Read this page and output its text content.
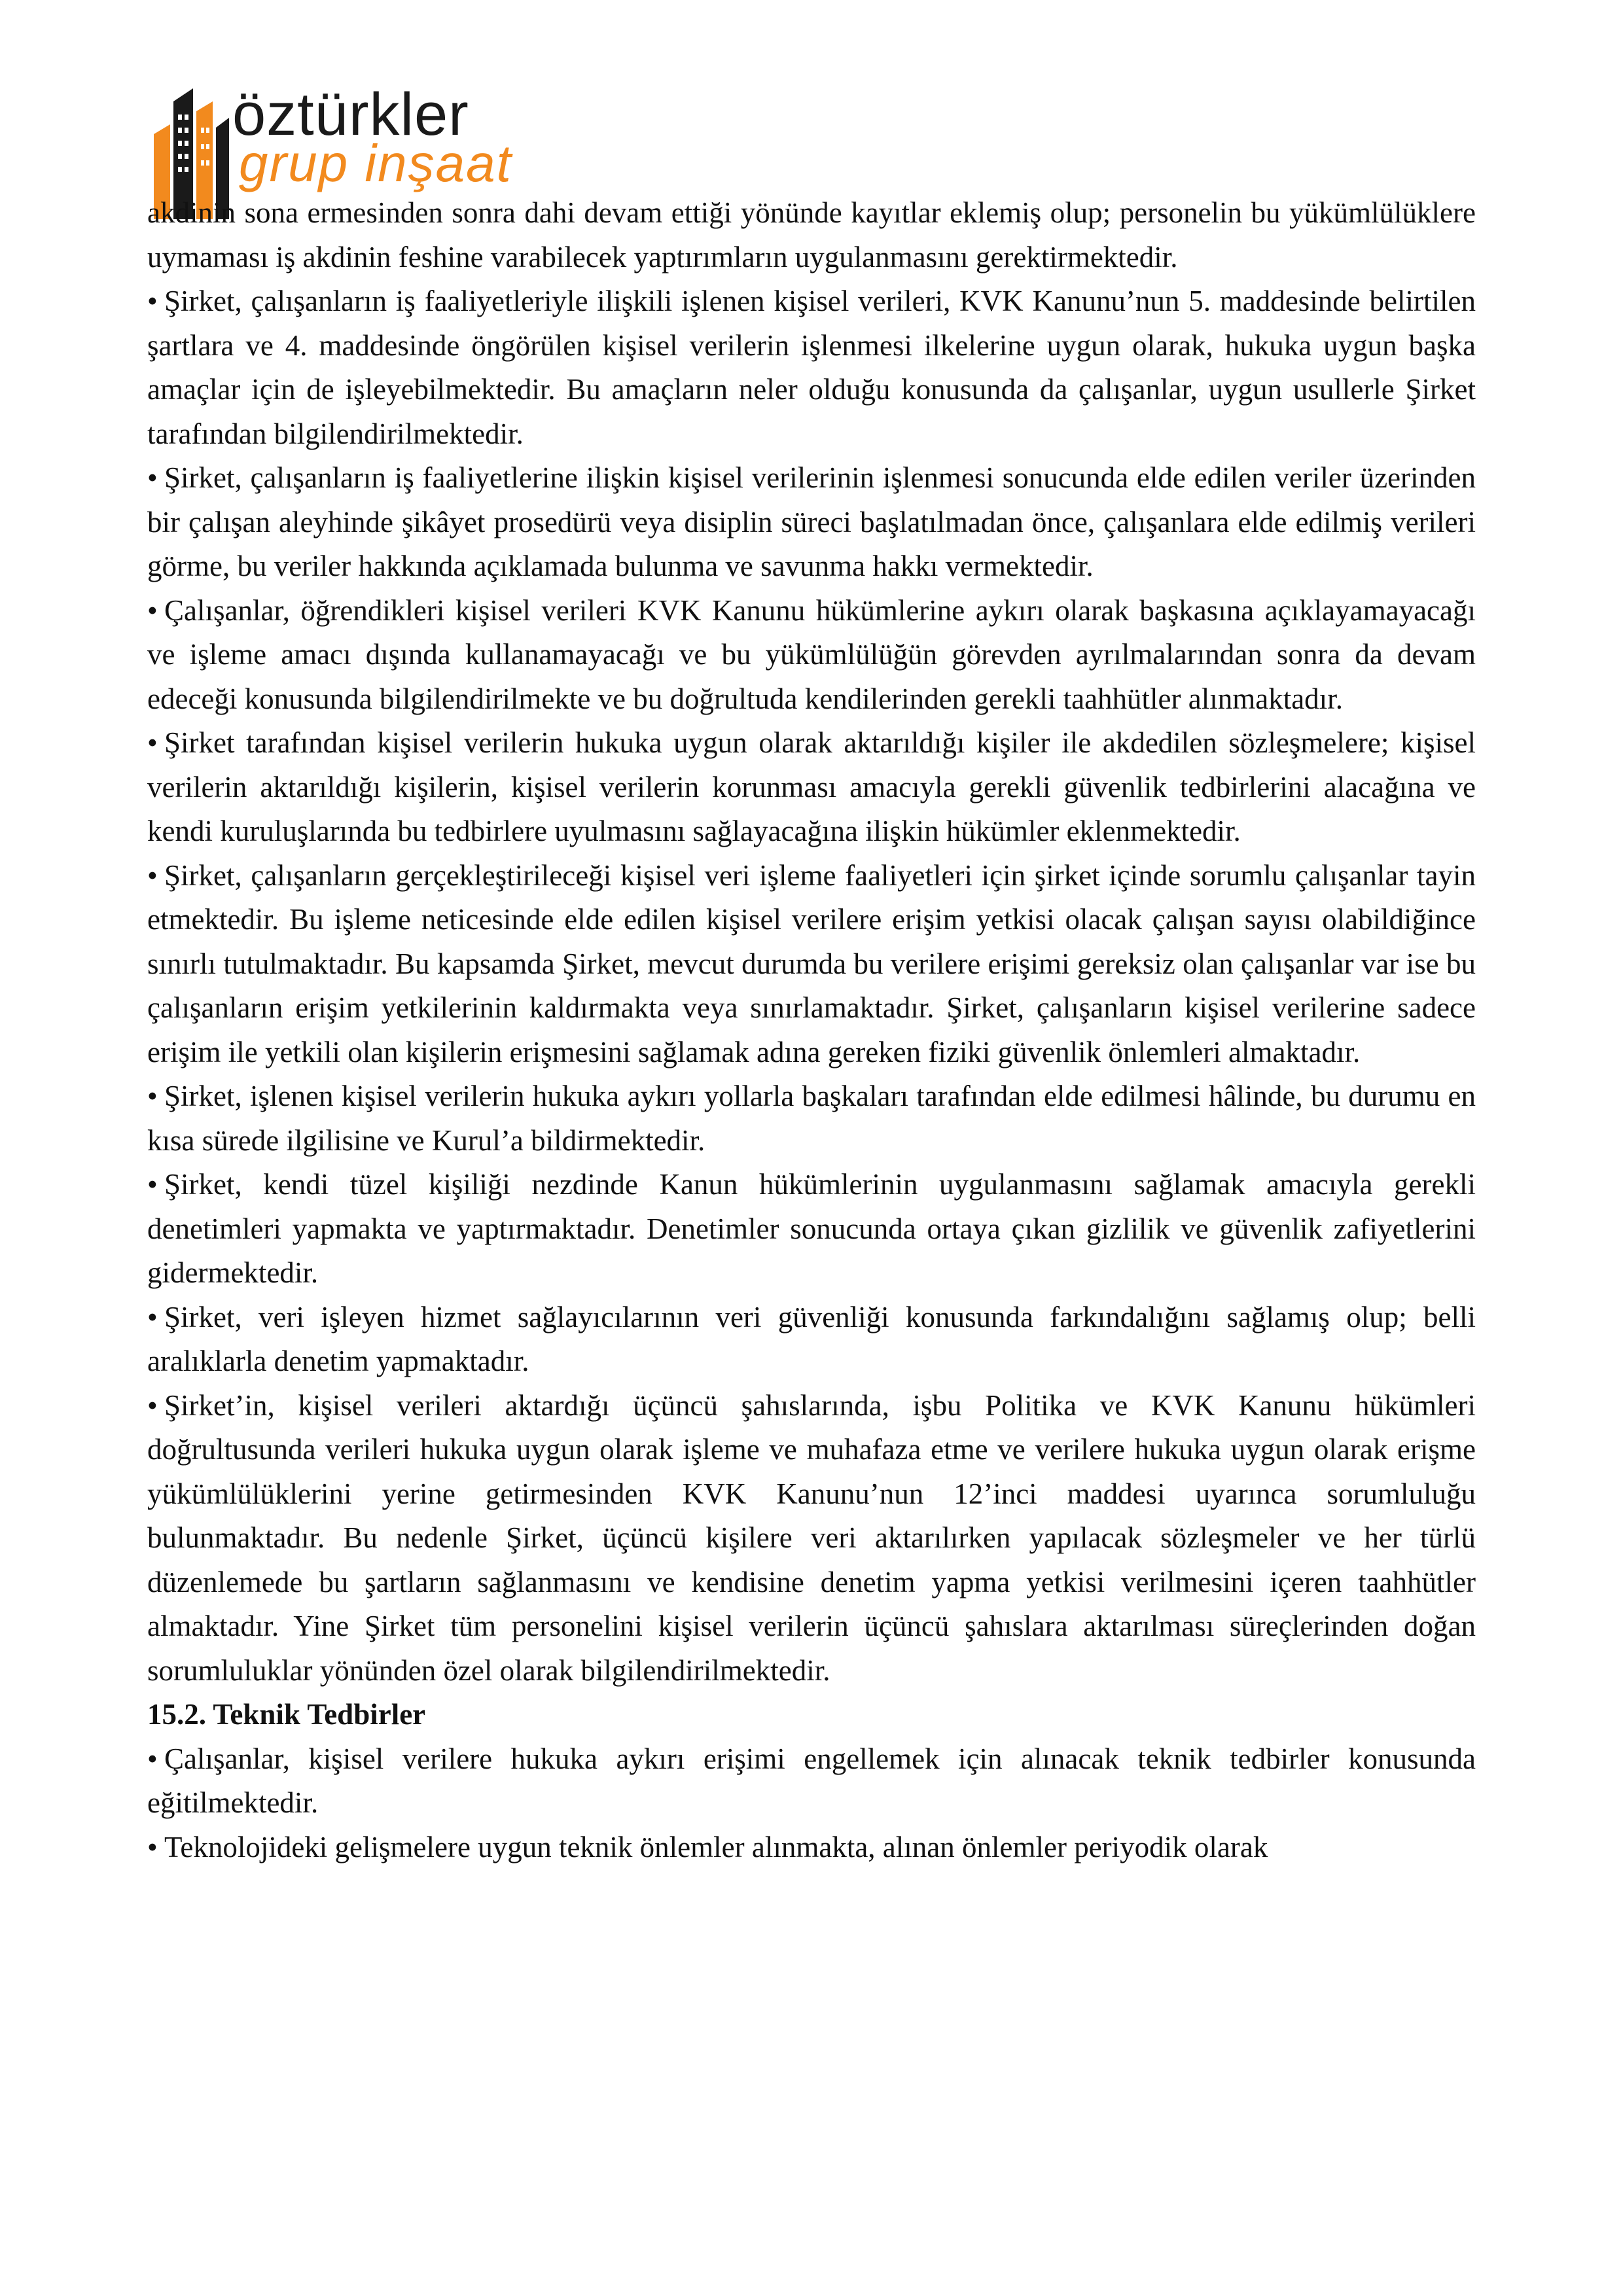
öztürkler
grup inşaat

akdinin sona ermesinden sonra dahi devam ettiği yönünde kayıtlar eklemiş olup; personelin bu yükümlülüklere uymaması iş akdinin feshine varabilecek yaptırımların uygulanmasını gerektirmektedir.

• Şirket, çalışanların iş faaliyetleriyle ilişkili işlenen kişisel verileri, KVK Kanunu’nun 5. maddesinde belirtilen şartlara ve 4. maddesinde öngörülen kişisel verilerin işlenmesi ilkelerine uygun olarak, hukuka uygun başka amaçlar için de işleyebilmektedir. Bu amaçların neler olduğu konusunda da çalışanlar, uygun usullerle Şirket tarafından bilgilendirilmektedir.

• Şirket, çalışanların iş faaliyetlerine ilişkin kişisel verilerinin işlenmesi sonucunda elde edilen veriler üzerinden bir çalışan aleyhinde şikâyet prosedürü veya disiplin süreci başlatılmadan önce, çalışanlara elde edilmiş verileri görme, bu veriler hakkında açıklamada bulunma ve savunma hakkı vermektedir.

• Çalışanlar, öğrendikleri kişisel verileri KVK Kanunu hükümlerine aykırı olarak başkasına açıklayamayacağı ve işleme amacı dışında kullanamayacağı ve bu yükümlülüğün görevden ayrılmalarından sonra da devam edeceği konusunda bilgilendirilmekte ve bu doğrultuda kendilerinden gerekli taahhütler alınmaktadır.

• Şirket tarafından kişisel verilerin hukuka uygun olarak aktarıldığı kişiler ile akdedilen sözleşmelere; kişisel verilerin aktarıldığı kişilerin, kişisel verilerin korunması amacıyla gerekli güvenlik tedbirlerini alacağına ve kendi kuruluşlarında bu tedbirlere uyulmasını sağlayacağına ilişkin hükümler eklenmektedir.

• Şirket, çalışanların gerçekleştirileceği kişisel veri işleme faaliyetleri için şirket içinde sorumlu çalışanlar tayin etmektedir. Bu işleme neticesinde elde edilen kişisel verilere erişim yetkisi olacak çalışan sayısı olabildiğince sınırlı tutulmaktadır. Bu kapsamda Şirket, mevcut durumda bu verilere erişimi gereksiz olan çalışanlar var ise bu çalışanların erişim yetkilerinin kaldırmakta veya sınırlamaktadır. Şirket, çalışanların kişisel verilerine sadece erişim ile yetkili olan kişilerin erişmesini sağlamak adına gereken fiziki güvenlik önlemleri almaktadır.

• Şirket, işlenen kişisel verilerin hukuka aykırı yollarla başkaları tarafından elde edilmesi hâlinde, bu durumu en kısa sürede ilgilisine ve Kurul’a bildirmektedir.

• Şirket, kendi tüzel kişiliği nezdinde Kanun hükümlerinin uygulanmasını sağlamak amacıyla gerekli denetimleri yapmakta ve yaptırmaktadır. Denetimler sonucunda ortaya çıkan gizlilik ve güvenlik zafiyetlerini gidermektedir.

• Şirket, veri işleyen hizmet sağlayıcılarının veri güvenliği konusunda farkındalığını sağlamış olup; belli aralıklarla denetim yapmaktadır.

• Şirket’in, kişisel verileri aktardığı üçüncü şahıslarında, işbu Politika ve KVK Kanunu hükümleri doğrultusunda verileri hukuka uygun olarak işleme ve muhafaza etme ve verilere hukuka uygun olarak erişme yükümlülüklerini yerine getirmesinden KVK Kanunu’nun 12’inci maddesi uyarınca sorumluluğu bulunmaktadır. Bu nedenle Şirket, üçüncü kişilere veri aktarılırken yapılacak sözleşmeler ve her türlü düzenlemede bu şartların sağlanmasını ve kendisine denetim yapma yetkisi verilmesini içeren taahhütler almaktadır. Yine Şirket tüm personelini kişisel verilerin üçüncü şahıslara aktarılması süreçlerinden doğan sorumluluklar yönünden özel olarak bilgilendirilmektedir.

15.2. Teknik Tedbirler

• Çalışanlar, kişisel verilere hukuka aykırı erişimi engellemek için alınacak teknik tedbirler konusunda eğitilmektedir.

• Teknolojideki gelişmelere uygun teknik önlemler alınmakta, alınan önlemler periyodik olarak
